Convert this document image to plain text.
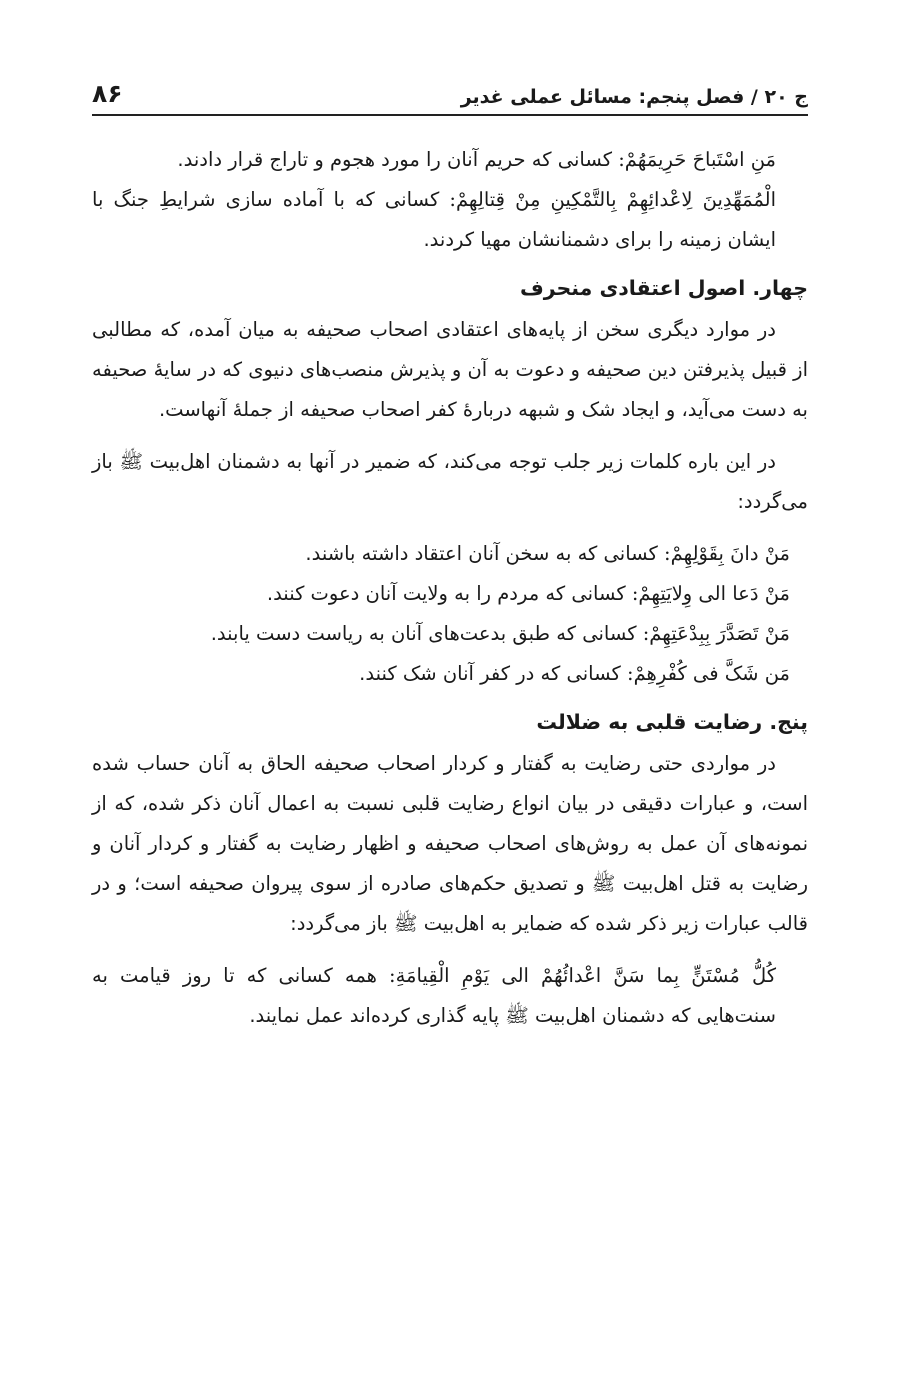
ج ۲۰ / فصل پنجم: مسائل عملی غدیر
۸۶

مَنِ اسْتَباحَ حَرِيمَهُمْ: کسانی که حریم آنان را مورد هجوم و تاراج قرار دادند.

الْمُمَهِّدِينَ لِاعْدائِهِمْ بِالتَّمْكِينِ مِنْ قِتالِهِمْ: کسانی که با آماده سازی شرایطِ جنگ با ایشان زمینه را برای دشمنانشان مهیا کردند.

چهار. اصول اعتقادی منحرف

در موارد دیگری سخن از پایه‌های اعتقادی اصحاب صحیفه به میان آمده، که مطالبی از قبیل پذیرفتن دین صحیفه و دعوت به آن و پذیرش منصب‌های دنیوی که در سایهٔ صحیفه به دست می‌آید، و ایجاد شک و شبهه دربارهٔ کفر اصحاب صحیفه از جملهٔ آنهاست.

در این باره کلمات زیر جلب توجه می‌کند، که ضمیر در آنها به دشمنان اهل‌بیت ﷺ باز می‌گردد:

مَنْ دانَ بِقَوْلِهِمْ: کسانی که به سخن آنان اعتقاد داشته باشند.

مَنْ دَعا الی وِلایَتِهِمْ: کسانی که مردم را به ولایت آنان دعوت کنند.

مَنْ تَصَدَّرَ بِبِدْعَتِهِمْ: کسانی که طبق بدعت‌های آنان به ریاست دست یابند.

مَن شَکَّ فی کُفْرِهِمْ: کسانی که در کفر آنان شک کنند.

پنج. رضایت قلبی به ضلالت

در مواردی حتی رضایت به گفتار و کردار اصحاب صحیفه الحاق به آنان حساب شده است، و عبارات دقیقی در بیان انواع رضایت قلبی نسبت به اعمال آنان ذکر شده، که از نمونه‌های آن عمل به روش‌های اصحاب صحیفه و اظهار رضایت به گفتار و کردار آنان و رضایت به قتل اهل‌بیت ﷺ و تصدیق حکم‌های صادره از سوی پیروان صحیفه است؛ و در قالب عبارات زیر ذکر شده که ضمایر به اهل‌بیت ﷺ باز می‌گردد:

کُلُّ مُسْتَنٍّ بِما سَنَّ اعْدائُهُمْ الی یَوْمِ الْقِیامَةِ: همه کسانی که تا روز قیامت به سنت‌هایی که دشمنان اهل‌بیت ﷺ پایه گذاری کرده‌اند عمل نمایند.
